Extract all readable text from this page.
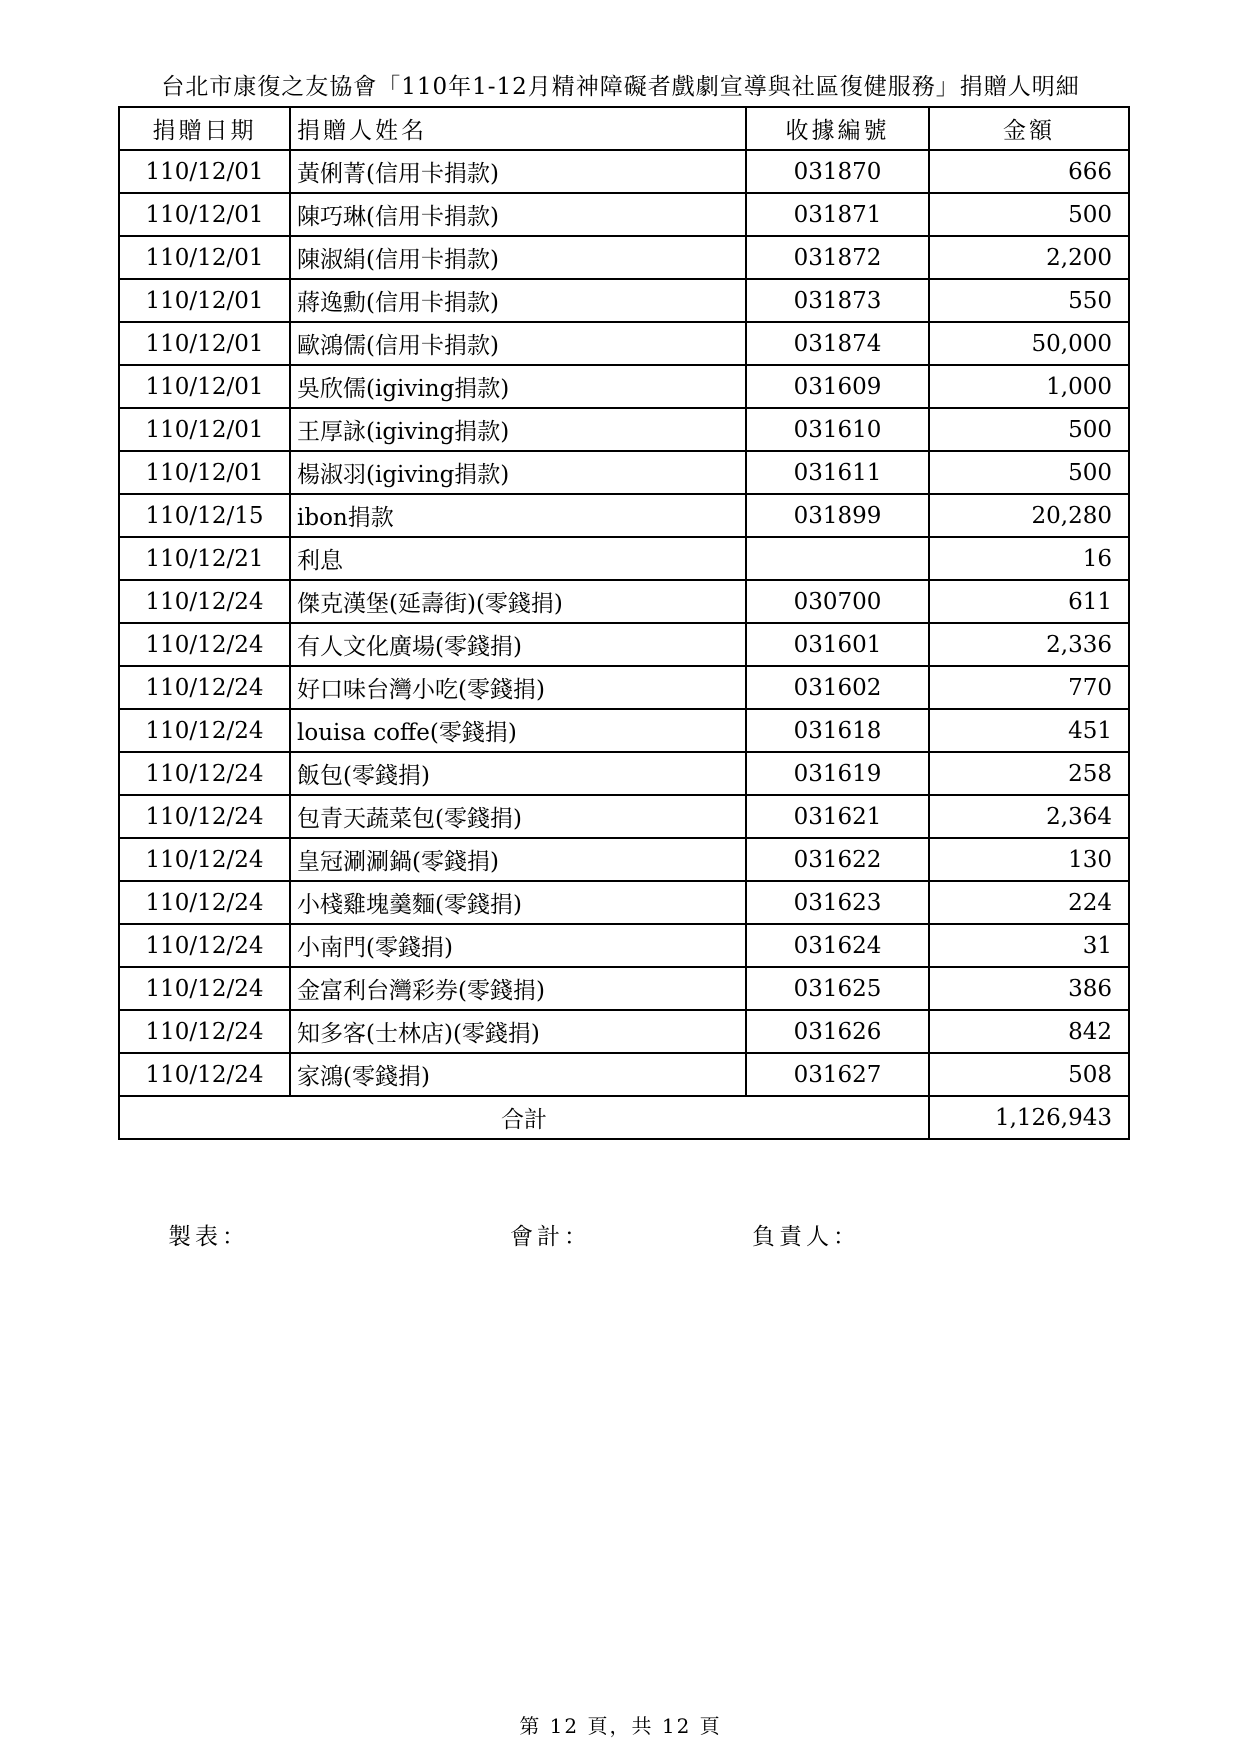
台北市康復之友協會「110年1-12月精神障礙者戲劇宣導與社區復健服務」捐贈人明細
捐贈日期	捐贈人姓名	收據編號	金額
110/12/01	黃俐菁(信用卡捐款)	031870	666
110/12/01	陳巧琳(信用卡捐款)	031871	500
110/12/01	陳淑絹(信用卡捐款)	031872	2,200
110/12/01	蔣逸勳(信用卡捐款)	031873	550
110/12/01	歐鴻儒(信用卡捐款)	031874	50,000
110/12/01	吳欣儒(igiving捐款)	031609	1,000
110/12/01	王厚詠(igiving捐款)	031610	500
110/12/01	楊淑羽(igiving捐款)	031611	500
110/12/15	ibon捐款	031899	20,280
110/12/21	利息		16
110/12/24	傑克漢堡(延壽街)(零錢捐)	030700	611
110/12/24	有人文化廣場(零錢捐)	031601	2,336
110/12/24	好口味台灣小吃(零錢捐)	031602	770
110/12/24	louisa coffe(零錢捐)	031618	451
110/12/24	飯包(零錢捐)	031619	258
110/12/24	包青天蔬菜包(零錢捐)	031621	2,364
110/12/24	皇冠涮涮鍋(零錢捐)	031622	130
110/12/24	小棧雞塊羹麵(零錢捐)	031623	224
110/12/24	小南門(零錢捐)	031624	31
110/12/24	金富利台灣彩券(零錢捐)	031625	386
110/12/24	知多客(士林店)(零錢捐)	031626	842
110/12/24	家鴻(零錢捐)	031627	508
合計			1,126,943
製表：	會計：	負責人：
第 12 頁，共 12 頁
